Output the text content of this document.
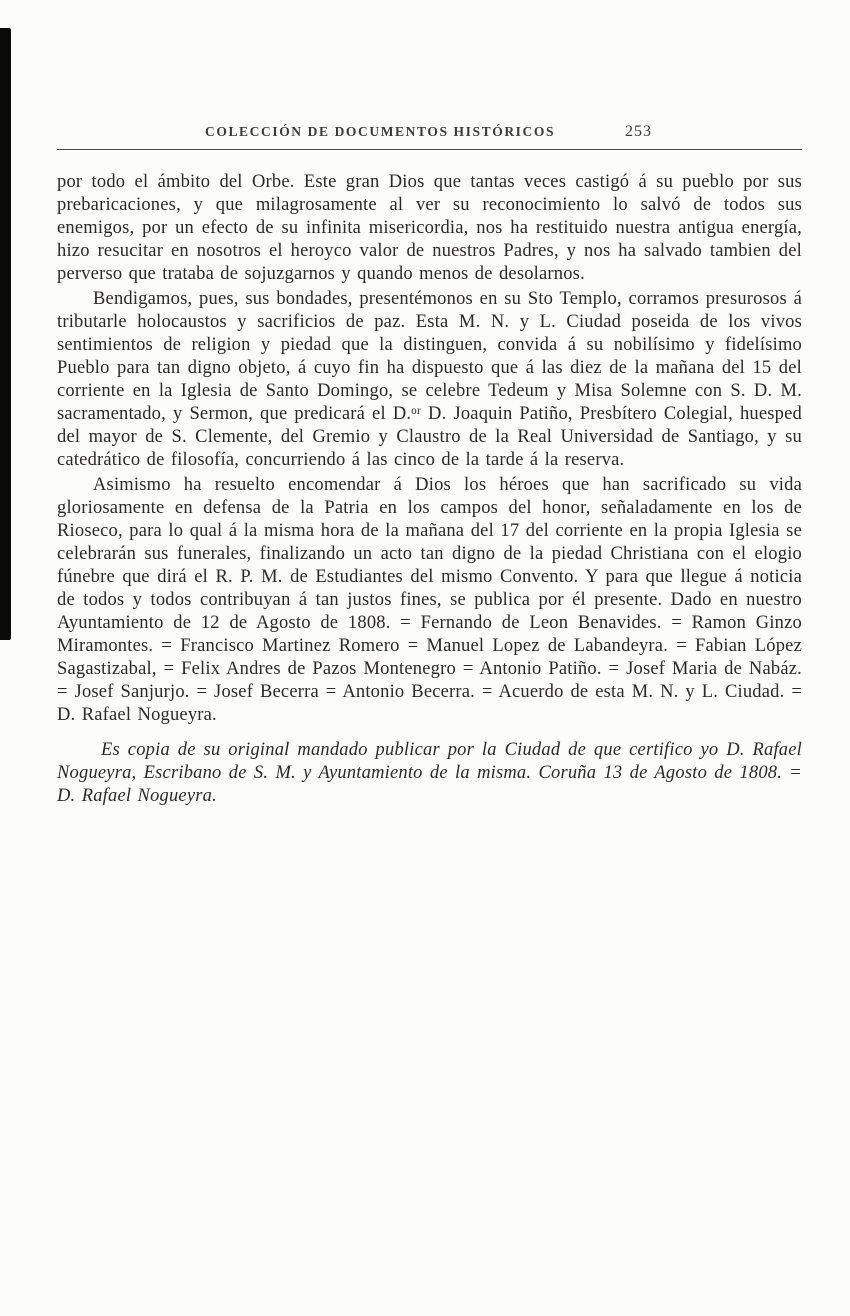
COLECCIÓN DE DOCUMENTOS HISTÓRICOS	253

por todo el ámbito del Orbe. Este gran Dios que tantas veces castigó á su pueblo por sus prebaricaciones, y que milagrosamente al ver su reconocimiento lo salvó de todos sus enemigos, por un efecto de su infinita misericordia, nos ha restituido nuestra antigua energía, hizo resucitar en nosotros el heroyco valor de nuestros Padres, y nos ha salvado tambien del perverso que trataba de sojuzgarnos y quando menos de desolarnos.

Bendigamos, pues, sus bondades, presentémonos en su Sto Templo, corramos presurosos á tributarle holocaustos y sacrificios de paz. Esta M. N. y L. Ciudad poseida de los vivos sentimientos de religion y piedad que la distinguen, convida á su nobilísimo y fidelísimo Pueblo para tan digno objeto, á cuyo fin ha dispuesto que á las diez de la mañana del 15 del corriente en la Iglesia de Santo Domingo, se celebre Tedeum y Misa Solemne con S. D. M. sacramentado, y Sermon, que predicará el D.ᵒʳ D. Joaquin Patiño, Presbítero Colegial, huesped del mayor de S. Clemente, del Gremio y Claustro de la Real Universidad de Santiago, y su catedrático de filosofía, concurriendo á las cinco de la tarde á la reserva.

Asimismo ha resuelto encomendar á Dios los héroes que han sacrificado su vida gloriosamente en defensa de la Patria en los campos del honor, señaladamente en los de Rioseco, para lo qual á la misma hora de la mañana del 17 del corriente en la propia Iglesia se celebrarán sus funerales, finalizando un acto tan digno de la piedad Christiana con el elogio fúnebre que dirá el R. P. M. de Estudiantes del mismo Convento. Y para que llegue á noticia de todos y todos contribuyan á tan justos fines, se publica por él presente. Dado en nuestro Ayuntamiento de 12 de Agosto de 1808. = Fernando de Leon Benavides. = Ramon Ginzo Miramontes. = Francisco Martinez Romero = Manuel Lopez de Labandeyra. = Fabian López Sagastizabal, = Felix Andres de Pazos Montenegro = Antonio Patiño. = Josef Maria de Nabáz. = Josef Sanjurjo. = Josef Becerra = Antonio Becerra. = Acuerdo de esta M. N. y L. Ciudad. = D. Rafael Nogueyra.

Es copia de su original mandado publicar por la Ciudad de que certifico yo D. Rafael Nogueyra, Escribano de S. M. y Ayuntamiento de la misma. Coruña 13 de Agosto de 1808. = D. Rafael Nogueyra.
